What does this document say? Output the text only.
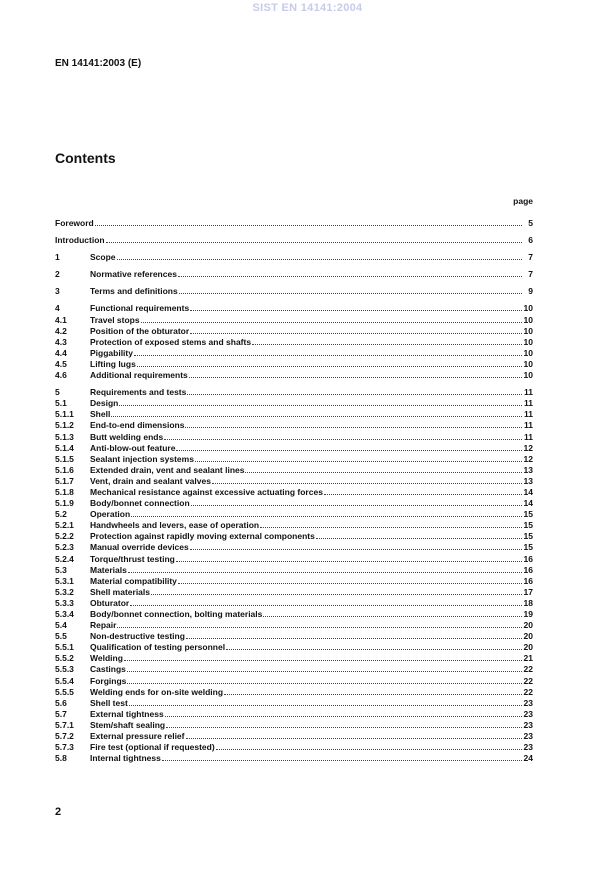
SIST EN 14141:2004
EN 14141:2003 (E)
Contents
page
Foreword	5
Introduction	6
1	Scope	7
2	Normative references	7
3	Terms and definitions	9
4	Functional requirements	10
4.1	Travel stops	10
4.2	Position of the obturator	10
4.3	Protection of exposed stems and shafts	10
4.4	Piggability	10
4.5	Lifting lugs	10
4.6	Additional requirements	10
5	Requirements and tests	11
5.1	Design	11
5.1.1	Shell	11
5.1.2	End-to-end dimensions	11
5.1.3	Butt welding ends	11
5.1.4	Anti-blow-out feature	12
5.1.5	Sealant injection systems	12
5.1.6	Extended drain, vent and sealant lines	13
5.1.7	Vent, drain and sealant valves	13
5.1.8	Mechanical resistance against excessive actuating forces	14
5.1.9	Body/bonnet connection	14
5.2	Operation	15
5.2.1	Handwheels and levers, ease of operation	15
5.2.2	Protection against rapidly moving external components	15
5.2.3	Manual override devices	15
5.2.4	Torque/thrust testing	16
5.3	Materials	16
5.3.1	Material compatibility	16
5.3.2	Shell materials	17
5.3.3	Obturator	18
5.3.4	Body/bonnet connection, bolting materials	19
5.4	Repair	20
5.5	Non-destructive testing	20
5.5.1	Qualification of testing personnel	20
5.5.2	Welding	21
5.5.3	Castings	22
5.5.4	Forgings	22
5.5.5	Welding ends for on-site welding	22
5.6	Shell test	23
5.7	External tightness	23
5.7.1	Stem/shaft sealing	23
5.7.2	External pressure relief	23
5.7.3	Fire test (optional if requested)	23
5.8	Internal tightness	24
2
